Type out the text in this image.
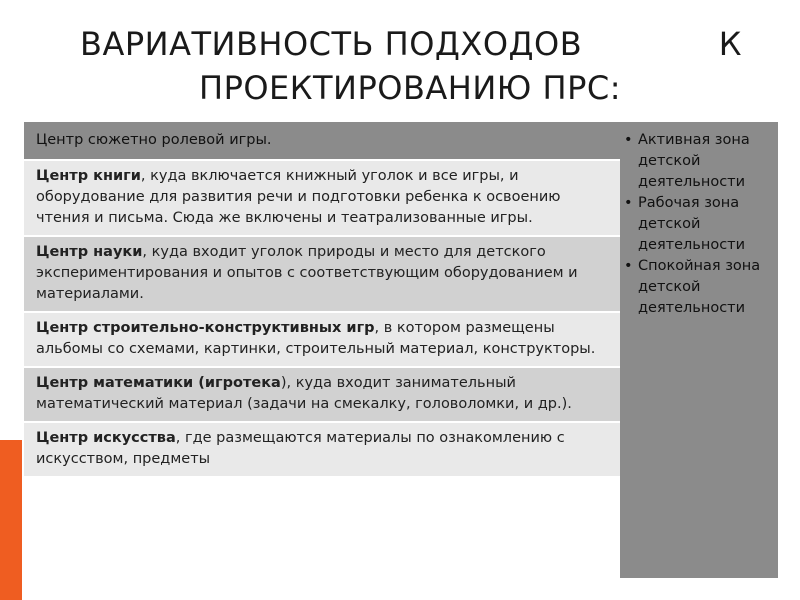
ВАРИАТИВНОСТЬ ПОДХОДОВ	К
ПРОЕКТИРОВАНИЮ ПРС:
Центр сюжетно ролевой игры.
Центр книги, куда включается книжный уголок и все игры, и оборудование для развития речи и подготовки ребенка к освоению чтения и письма. Сюда же включены и театрализованные игры.
Центр науки, куда входит уголок природы и место для детского экспериментирования и опытов с соответствующим оборудованием и материалами.
Центр строительно-конструктивных игр, в котором размещены альбомы со схемами, картинки, строительный материал, конструкторы.
Центр математики (игротека), куда входит занимательный математический материал (задачи на смекалку, головоломки, и др.).
Центр искусства, где размещаются материалы по ознакомлению с искусством, предметы
• Активная зона детской деятельности
• Рабочая зона детской деятельности
• Спокойная зона детской деятельности
